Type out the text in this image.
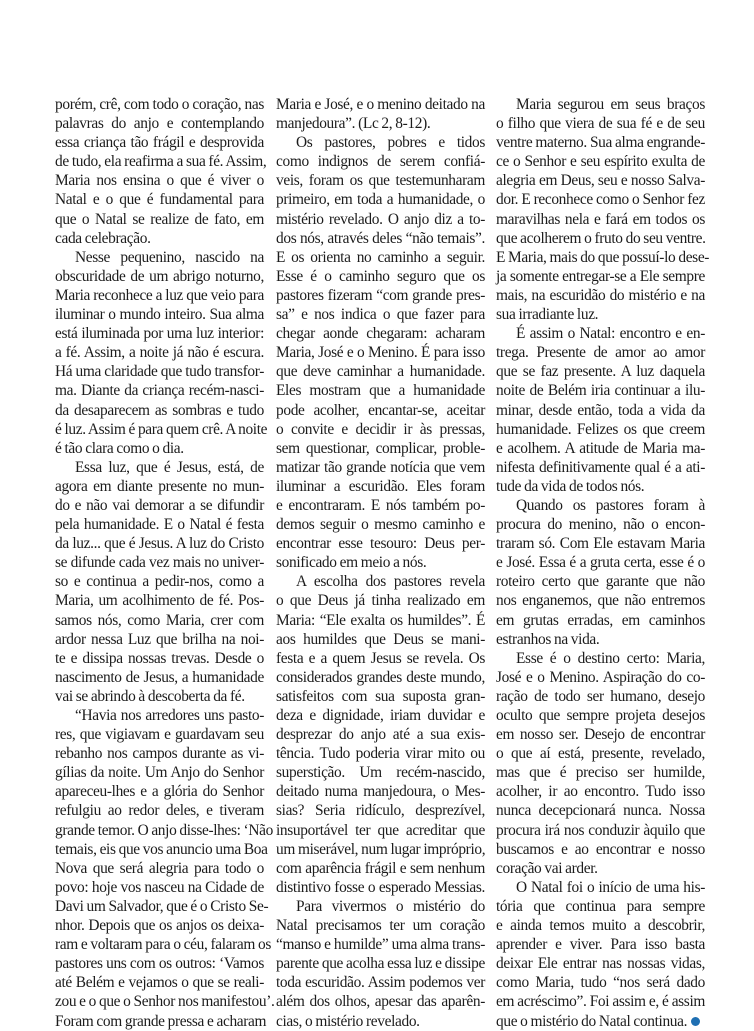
porém, crê, com todo o coração, nas
palavras do anjo e contemplando
essa criança tão frágil e desprovida
de tudo, ela reafirma a sua fé. Assim,
Maria nos ensina o que é viver o
Natal e o que é fundamental para
que o Natal se realize de fato, em
cada celebração.
Nesse pequenino, nascido na
obscuridade de um abrigo noturno,
Maria reconhece a luz que veio para
iluminar o mundo inteiro. Sua alma
está iluminada por uma luz interior:
a fé. Assim, a noite já não é escura.
Há uma claridade que tudo transfor-
ma. Diante da criança recém-nasci-
da desaparecem as sombras e tudo
é luz. Assim é para quem crê. A noite
é tão clara como o dia.
Essa luz, que é Jesus, está, de
agora em diante presente no mun-
do e não vai demorar a se difundir
pela humanidade. E o Natal é festa
da luz... que é Jesus. A luz do Cristo
se difunde cada vez mais no univer-
so e continua a pedir-nos, como a
Maria, um acolhimento de fé. Pos-
samos nós, como Maria, crer com
ardor nessa Luz que brilha na noi-
te e dissipa nossas trevas. Desde o
nascimento de Jesus, a humanidade
vai se abrindo à descoberta da fé.
“Havia nos arredores uns pasto-
res, que vigiavam e guardavam seu
rebanho nos campos durante as vi-
gílias da noite. Um Anjo do Senhor
apareceu-lhes e a glória do Senhor
refulgiu ao redor deles, e tiveram
grande temor. O anjo disse-lhes: ‘Não
temais, eis que vos anuncio uma Boa
Nova que será alegria para todo o
povo: hoje vos nasceu na Cidade de
Davi um Salvador, que é o Cristo Se-
nhor. Depois que os anjos os deixa-
ram e voltaram para o céu, falaram os
pastores uns com os outros: ‘Vamos
até Belém e vejamos o que se reali-
zou e o que o Senhor nos manifestou’.
Foram com grande pressa e acharam
Maria e José, e o menino deitado na
manjedoura”. (Lc 2, 8-12).
Os pastores, pobres e tidos
como indignos de serem confiá-
veis, foram os que testemunharam
primeiro, em toda a humanidade, o
mistério revelado. O anjo diz a to-
dos nós, através deles “não temais”.
E os orienta no caminho a seguir.
Esse é o caminho seguro que os
pastores fizeram “com grande pres-
sa” e nos indica o que fazer para
chegar aonde chegaram: acharam
Maria, José e o Menino. É para isso
que deve caminhar a humanidade.
Eles mostram que a humanidade
pode acolher, encantar-se, aceitar
o convite e decidir ir às pressas,
sem questionar, complicar, proble-
matizar tão grande notícia que vem
iluminar a escuridão. Eles foram
e encontraram. E nós também po-
demos seguir o mesmo caminho e
encontrar esse tesouro: Deus per-
sonificado em meio a nós.
A escolha dos pastores revela
o que Deus já tinha realizado em
Maria: “Ele exalta os humildes”. É
aos humildes que Deus se mani-
festa e a quem Jesus se revela. Os
considerados grandes deste mundo,
satisfeitos com sua suposta gran-
deza e dignidade, iriam duvidar e
desprezar do anjo até a sua exis-
tência. Tudo poderia virar mito ou
superstição. Um recém-nascido,
deitado numa manjedoura, o Mes-
sias? Seria ridículo, desprezível,
insuportável ter que acreditar que
um miserável, num lugar impróprio,
com aparência frágil e sem nenhum
distintivo fosse o esperado Messias.
Para vivermos o mistério do
Natal precisamos ter um coração
“manso e humilde” uma alma trans-
parente que acolha essa luz e dissipe
toda escuridão. Assim podemos ver
além dos olhos, apesar das aparên-
cias, o mistério revelado.
Maria segurou em seus braços
o filho que viera de sua fé e de seu
ventre materno. Sua alma engrande-
ce o Senhor e seu espírito exulta de
alegria em Deus, seu e nosso Salva-
dor. E reconhece como o Senhor fez
maravilhas nela e fará em todos os
que acolherem o fruto do seu ventre.
E Maria, mais do que possuí-lo dese-
ja somente entregar-se a Ele sempre
mais, na escuridão do mistério e na
sua irradiante luz.
É assim o Natal: encontro e en-
trega. Presente de amor ao amor
que se faz presente. A luz daquela
noite de Belém iria continuar a ilu-
minar, desde então, toda a vida da
humanidade. Felizes os que creem
e acolhem. A atitude de Maria ma-
nifesta definitivamente qual é a ati-
tude da vida de todos nós.
Quando os pastores foram à
procura do menino, não o encon-
traram só. Com Ele estavam Maria
e José. Essa é a gruta certa, esse é o
roteiro certo que garante que não
nos enganemos, que não entremos
em grutas erradas, em caminhos
estranhos na vida.
Esse é o destino certo: Maria,
José e o Menino. Aspiração do co-
ração de todo ser humano, desejo
oculto que sempre projeta desejos
em nosso ser. Desejo de encontrar
o que aí está, presente, revelado,
mas que é preciso ser humilde,
acolher, ir ao encontro. Tudo isso
nunca decepcionará nunca. Nossa
procura irá nos conduzir àquilo que
buscamos e ao encontrar e nosso
coração vai arder.
O Natal foi o início de uma his-
tória que continua para sempre
e ainda temos muito a descobrir,
aprender e viver. Para isso basta
deixar Ele entrar nas nossas vidas,
como Maria, tudo “nos será dado
em acréscimo”. Foi assim e, é assim
que o mistério do Natal continua.
